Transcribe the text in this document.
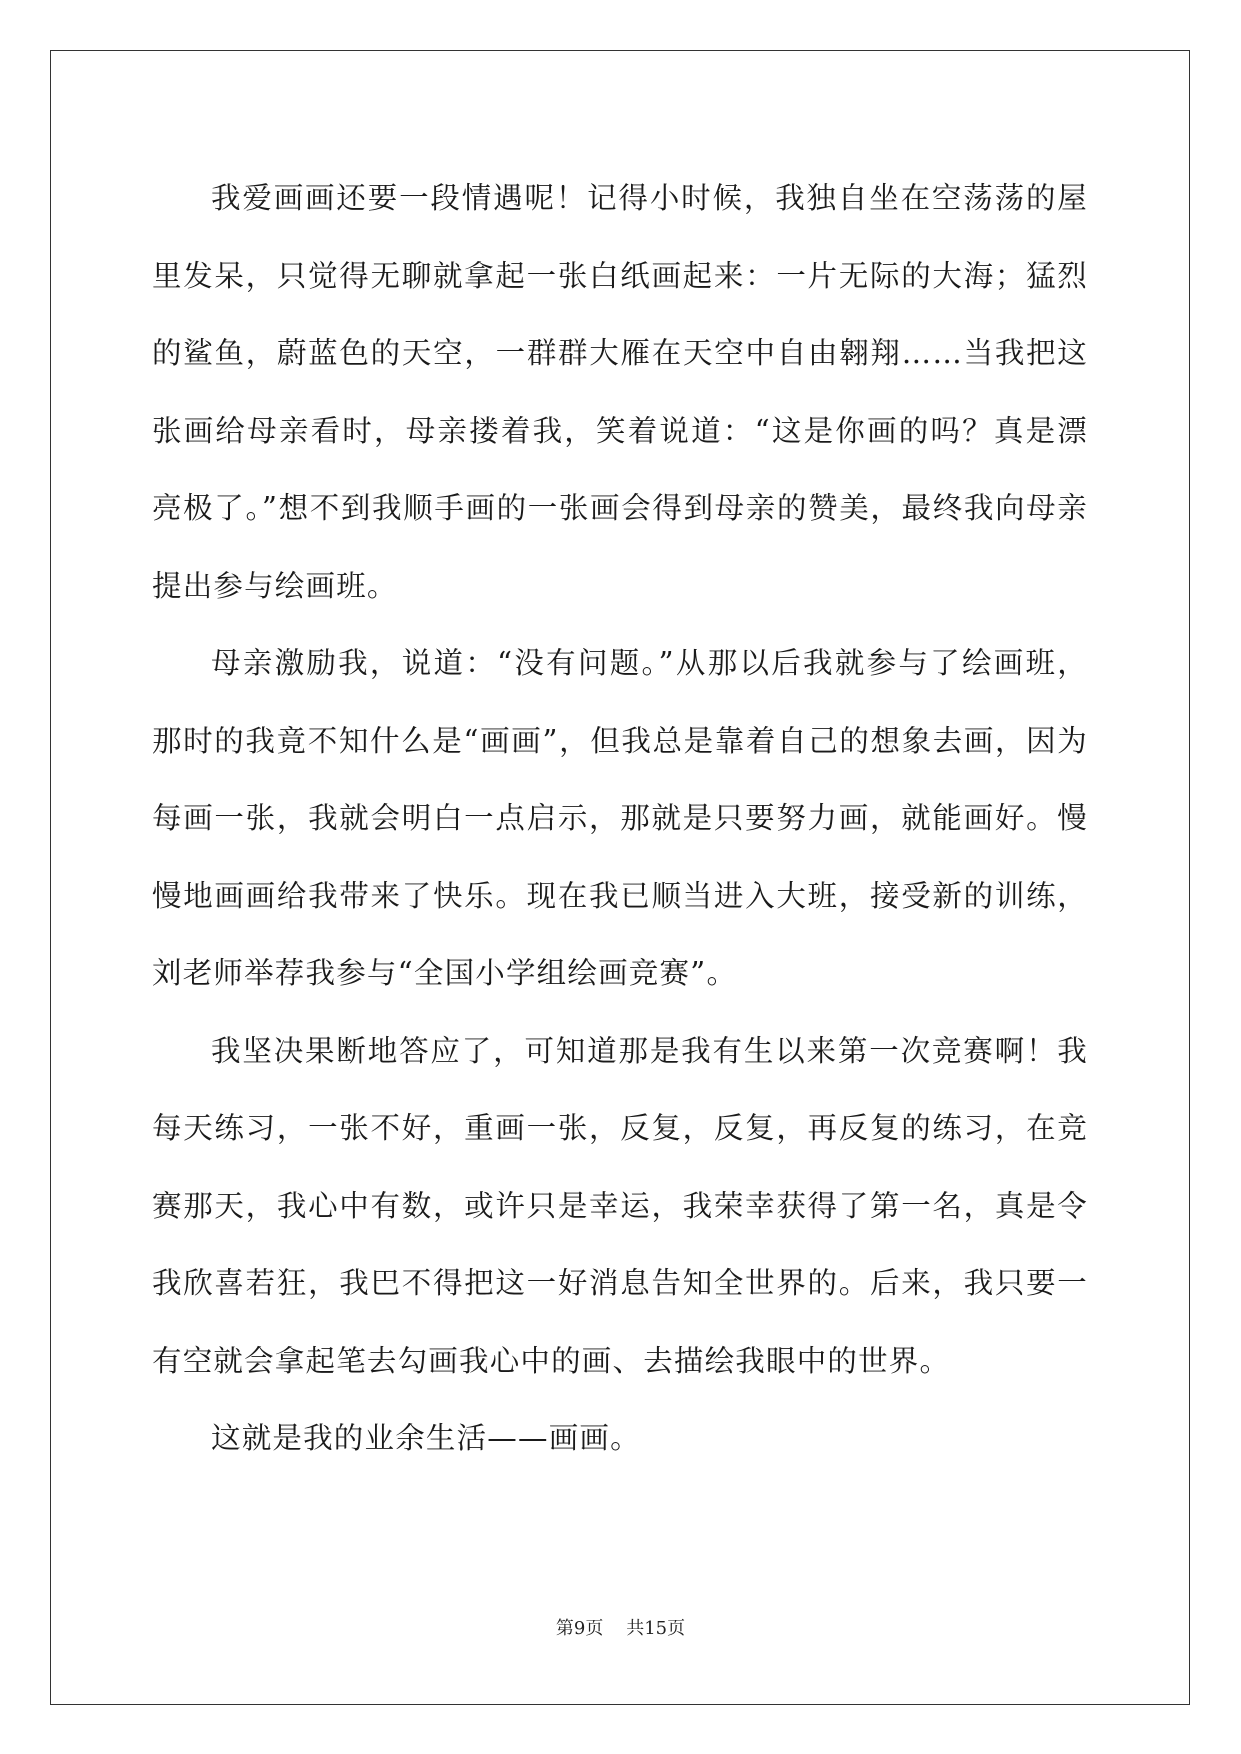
我爱画画还要一段情遇呢！记得小时候，我独自坐在空荡荡的屋里发呆，只觉得无聊就拿起一张白纸画起来：一片无际的大海；猛烈的鲨鱼，蔚蓝色的天空，一群群大雁在天空中自由翱翔……当我把这张画给母亲看时，母亲搂着我，笑着说道：“这是你画的吗？真是漂亮极了。”想不到我顺手画的一张画会得到母亲的赞美，最终我向母亲提出参与绘画班。

母亲激励我，说道：“没有问题。”从那以后我就参与了绘画班，那时的我竟不知什么是“画画”，但我总是靠着自己的想象去画，因为每画一张，我就会明白一点启示，那就是只要努力画，就能画好。慢慢地画画给我带来了快乐。现在我已顺当进入大班，接受新的训练，刘老师举荐我参与“全国小学组绘画竞赛”。

我坚决果断地答应了，可知道那是我有生以来第一次竞赛啊！我每天练习，一张不好，重画一张，反复，反复，再反复的练习，在竞赛那天，我心中有数，或许只是幸运，我荣幸获得了第一名，真是令我欣喜若狂，我巴不得把这一好消息告知全世界的。后来，我只要一有空就会拿起笔去勾画我心中的画、去描绘我眼中的世界。

这就是我的业余生活——画画。

第9页 共15页
